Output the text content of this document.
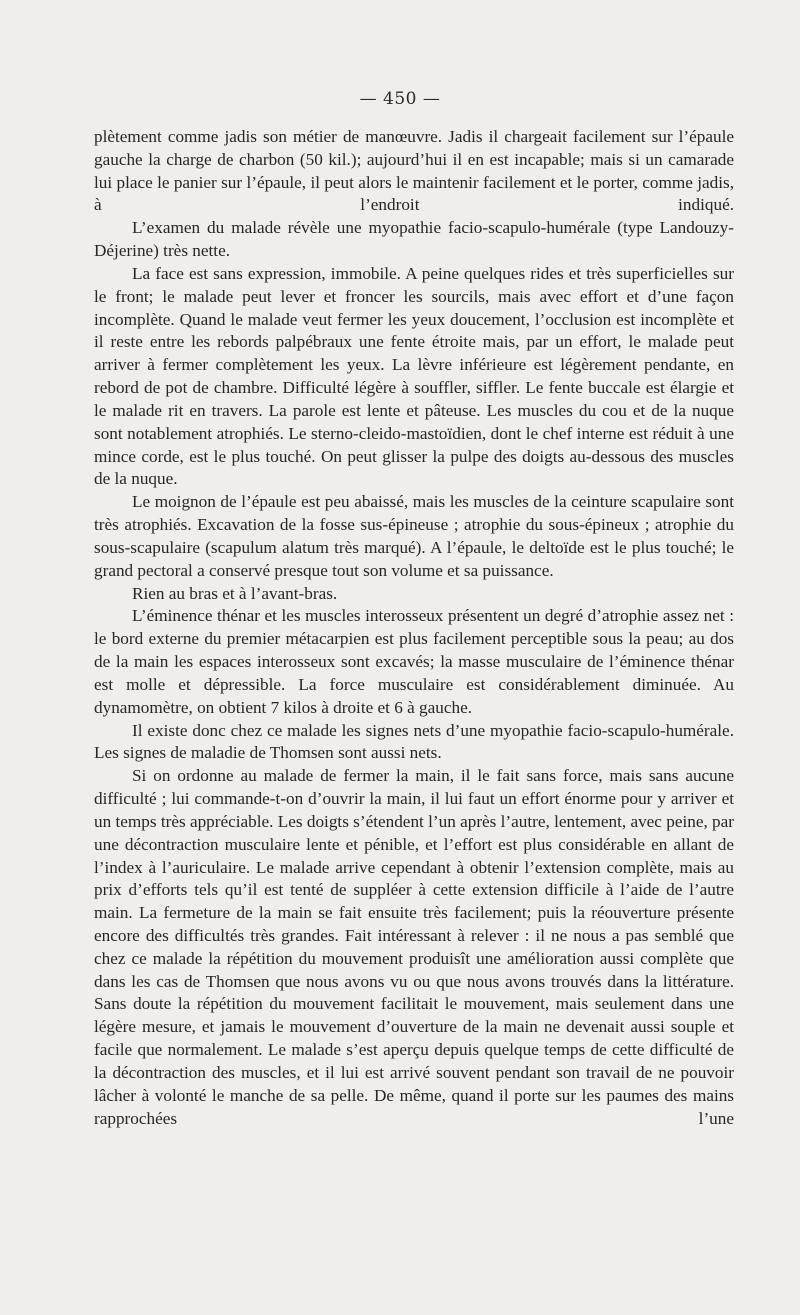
— 450 —

plètement comme jadis son métier de manœuvre. Jadis il chargeait facilement sur l’épaule gauche la charge de charbon (50 kil.); aujourd’hui il en est incapable; mais si un camarade lui place le panier sur l’épaule, il peut alors le maintenir facilement et le porter, comme jadis, à l’endroit indiqué.

L’examen du malade révèle une myopathie facio-scapulo-humérale (type Landouzy-Déjerine) très nette.

La face est sans expression, immobile. A peine quelques rides et très superficielles sur le front; le malade peut lever et froncer les sourcils, mais avec effort et d’une façon incomplète. Quand le malade veut fermer les yeux doucement, l’occlusion est incomplète et il reste entre les rebords palpébraux une fente étroite mais, par un effort, le malade peut arriver à fermer complètement les yeux. La lèvre inférieure est légèrement pendante, en rebord de pot de chambre. Difficulté légère à souffler, siffler. Le fente buccale est élargie et le malade rit en travers. La parole est lente et pâteuse. Les muscles du cou et de la nuque sont notablement atrophiés. Le sterno-cleido-mastoïdien, dont le chef interne est réduit à une mince corde, est le plus touché. On peut glisser la pulpe des doigts au-dessous des muscles de la nuque.

Le moignon de l’épaule est peu abaissé, mais les muscles de la ceinture scapulaire sont très atrophiés. Excavation de la fosse sus-épineuse ; atrophie du sous-épineux ; atrophie du sous-scapulaire (scapulum alatum très marqué). A l’épaule, le deltoïde est le plus touché; le grand pectoral a conservé presque tout son volume et sa puissance.

Rien au bras et à l’avant-bras.

L’éminence thénar et les muscles interosseux présentent un degré d’atrophie assez net : le bord externe du premier métacarpien est plus facilement perceptible sous la peau; au dos de la main les espaces interosseux sont excavés; la masse musculaire de l’éminence thénar est molle et dépressible. La force musculaire est considérablement diminuée. Au dynamomètre, on obtient 7 kilos à droite et 6 à gauche.

Il existe donc chez ce malade les signes nets d’une myopathie facio-scapulo-humérale. Les signes de maladie de Thomsen sont aussi nets.

Si on ordonne au malade de fermer la main, il le fait sans force, mais sans aucune difficulté ; lui commande-t-on d’ouvrir la main, il lui faut un effort énorme pour y arriver et un temps très appréciable. Les doigts s’étendent l’un après l’autre, lentement, avec peine, par une décontraction musculaire lente et pénible, et l’effort est plus considérable en allant de l’index à l’auriculaire. Le malade arrive cependant à obtenir l’extension complète, mais au prix d’efforts tels qu’il est tenté de suppléer à cette extension difficile à l’aide de l’autre main. La fermeture de la main se fait ensuite très facilement; puis la réouverture présente encore des difficultés très grandes. Fait intéressant à relever : il ne nous a pas semblé que chez ce malade la répétition du mouvement produisît une amélioration aussi complète que dans les cas de Thomsen que nous avons vu ou que nous avons trouvés dans la littérature. Sans doute la répétition du mouvement facilitait le mouvement, mais seulement dans une légère mesure, et jamais le mouvement d’ouverture de la main ne devenait aussi souple et facile que normalement. Le malade s’est aperçu depuis quelque temps de cette difficulté de la décontraction des muscles, et il lui est arrivé souvent pendant son travail de ne pouvoir lâcher à volonté le manche de sa pelle. De même, quand il porte sur les paumes des mains rapprochées l’une
